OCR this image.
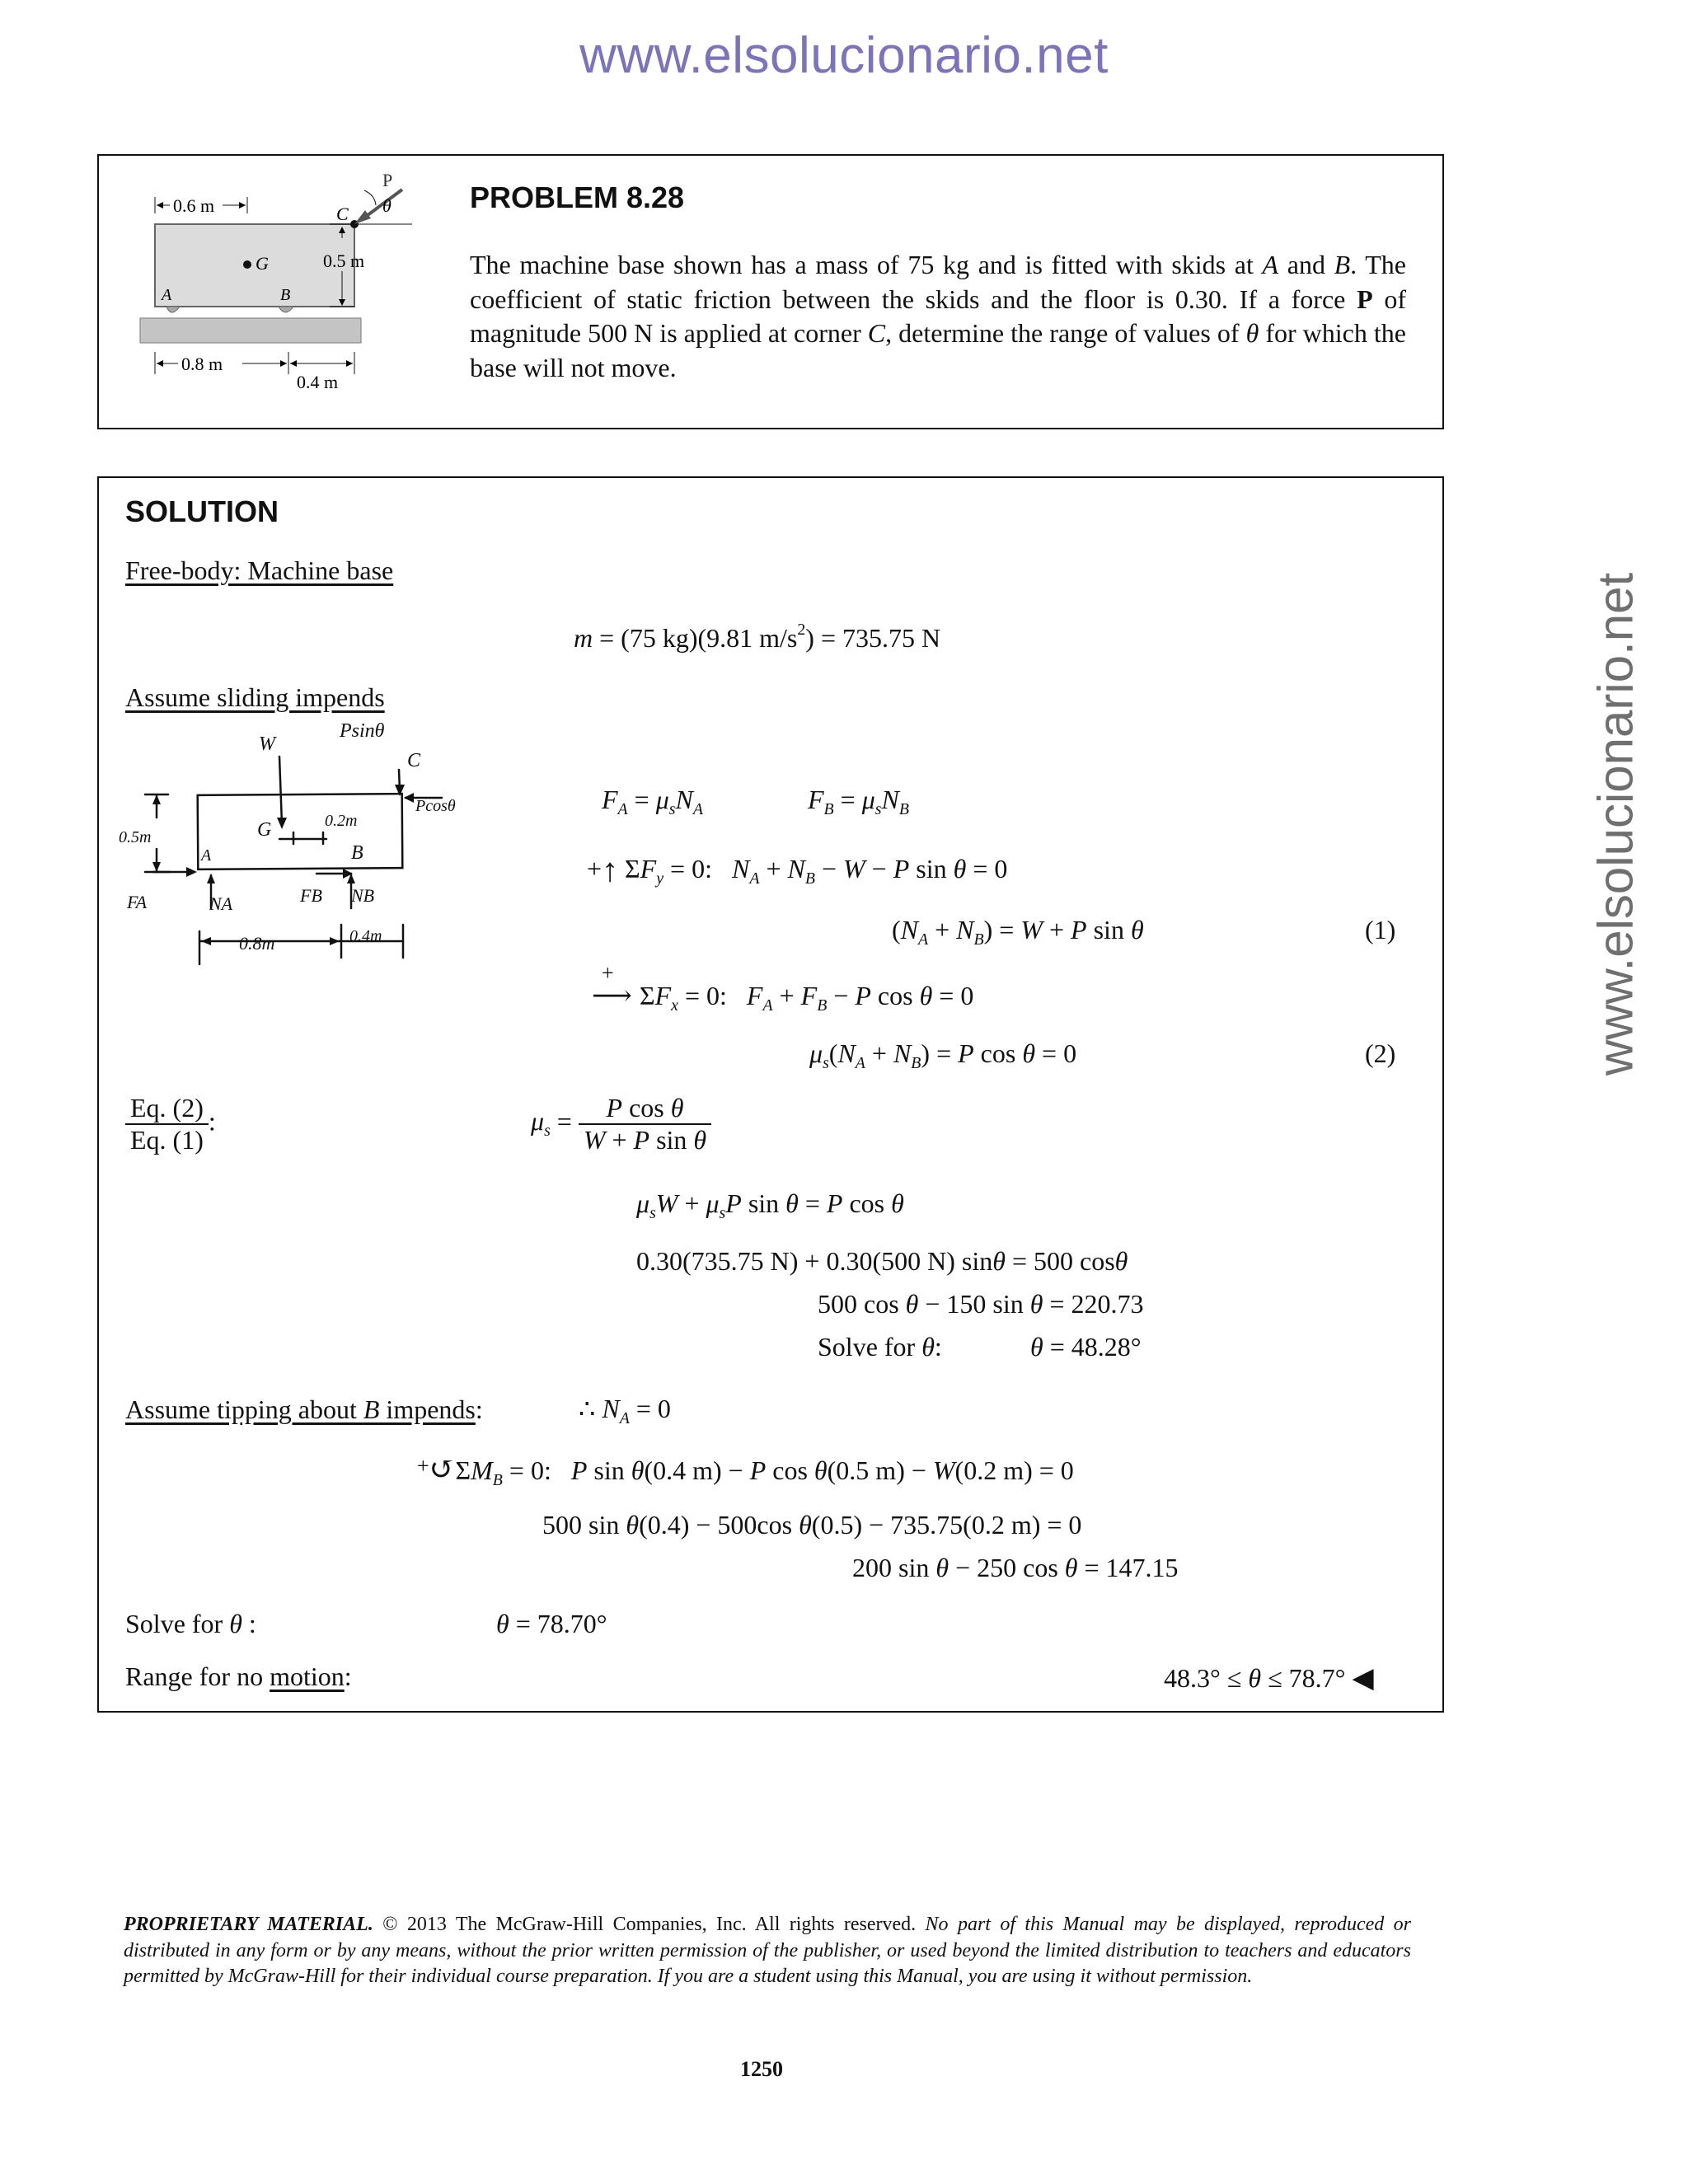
www.elsolucionario.net
www.elsolucionario.net
P
θ
C
G
A	B
0.6 m
0.5 m
0.8 m
0.4 m
PROBLEM 8.28
The machine base shown has a mass of 75 kg and is fitted with skids at A and B. The coefficient of static friction between the skids and the floor is 0.30. If a force P of magnitude 500 N is applied at corner C, determine the range of values of θ for which the base will not move.
SOLUTION
Free-body: Machine base
m = (75 kg)(9.81 $m/s^2) = 735.75$ N
Assume sliding impends
W
Psinθ
C
Pcosθ
G	0.2m
B
A
0.5m
FA	NA	FB NB
0.8m	0.4m
$F_A = \mu_sN_A$	$F_B = \mu_sN_B$
+↑ $\Sigma F_y = 0$:   $N_A + N_B - W - P$ sin θ = 0
$(N_A + N_B) = W + P$ sin θ	(1)
+
⟶ $\Sigma F_x = 0$:   $F_A + F_B - P$ cos θ = 0
$\mu_s(N_A + N_B) = P$ cos θ = 0	(2)
$\frac{Eq. (2)}{Eq. (1)}$ :	$\mu_s = \frac{\text{P cos θ}}{\text{W + P sin θ}}$
$\mu_sW + \mu_sP$ sin θ = P cos θ
0.30(735.75 N) + 0.30(500 N) sinθ = 500 cosθ
500 cos θ − 150 sin θ = 220.73
Solve for θ:	θ = 48.28°
Assume tipping about B impends:	∴ $N_A = 0$
$^+↺\Sigma M_B = 0$:   P sin θ(0.4 m) − P cos θ(0.5 m) − W(0.2 m) = 0
500 sin θ(0.4) − 500cos θ(0.5) − 735.75(0.2 m) = 0
200 sin θ − 250 cos θ = 147.15
Solve for θ :	θ = 78.70°
Range for no motion:	48.3° ≤ θ ≤ 78.7° ◀
PROPRIETARY MATERIAL. © 2013 The McGraw-Hill Companies, Inc. All rights reserved. No part of this Manual may be displayed, reproduced or distributed in any form or by any means, without the prior written permission of the publisher, or used beyond the limited distribution to teachers and educators permitted by McGraw-Hill for their individual course preparation. If you are a student using this Manual, you are using it without permission.
1250
